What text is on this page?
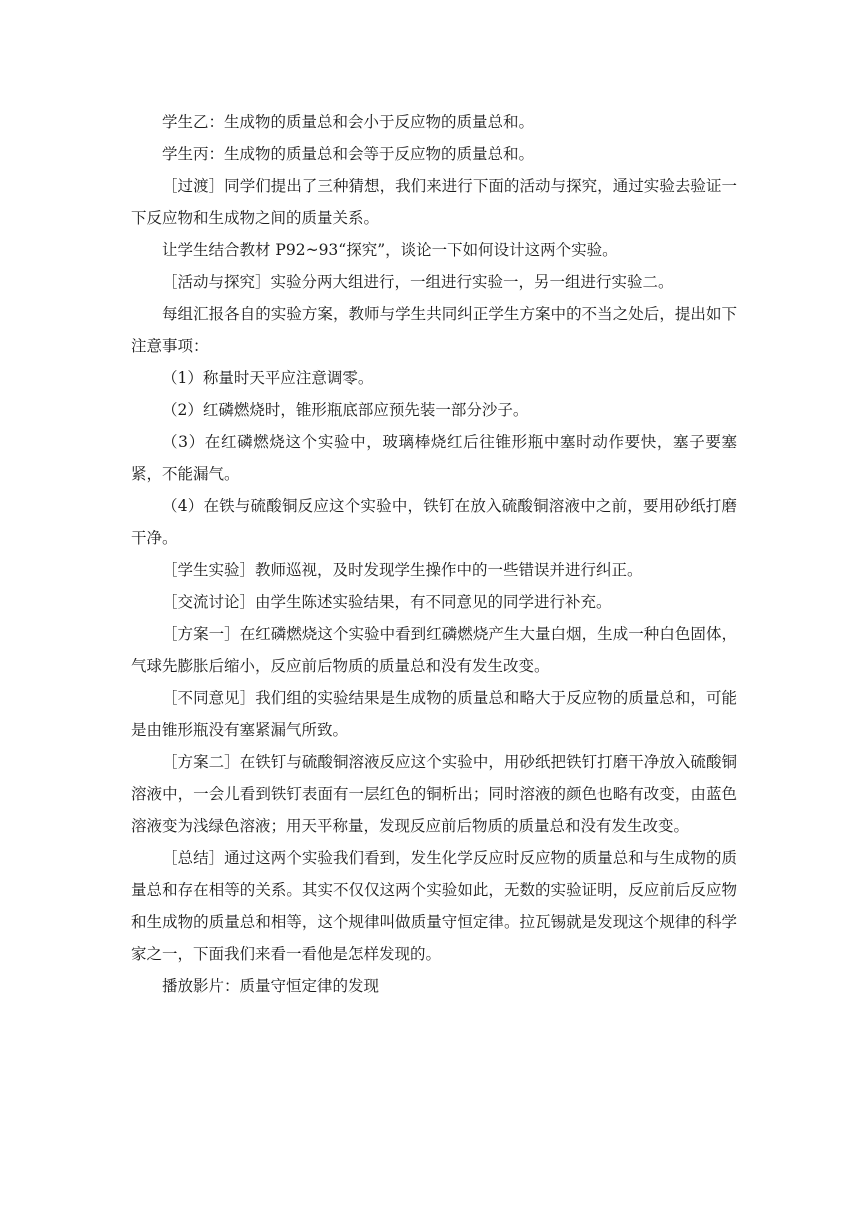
学生乙：生成物的质量总和会小于反应物的质量总和。

学生丙：生成物的质量总和会等于反应物的质量总和。

［过渡］同学们提出了三种猜想，我们来进行下面的活动与探究，通过实验去验证一下反应物和生成物之间的质量关系。

让学生结合教材 P92~93“探究”，谈论一下如何设计这两个实验。

［活动与探究］实验分两大组进行，一组进行实验一，另一组进行实验二。

每组汇报各自的实验方案，教师与学生共同纠正学生方案中的不当之处后，提出如下注意事项：

（1）称量时天平应注意调零。

（2）红磷燃烧时，锥形瓶底部应预先装一部分沙子。

（3）在红磷燃烧这个实验中，玻璃棒烧红后往锥形瓶中塞时动作要快，塞子要塞紧，不能漏气。

（4）在铁与硫酸铜反应这个实验中，铁钉在放入硫酸铜溶液中之前，要用砂纸打磨干净。

［学生实验］教师巡视，及时发现学生操作中的一些错误并进行纠正。

［交流讨论］由学生陈述实验结果，有不同意见的同学进行补充。

［方案一］在红磷燃烧这个实验中看到红磷燃烧产生大量白烟，生成一种白色固体，气球先膨胀后缩小，反应前后物质的质量总和没有发生改变。

［不同意见］我们组的实验结果是生成物的质量总和略大于反应物的质量总和，可能是由锥形瓶没有塞紧漏气所致。

［方案二］在铁钉与硫酸铜溶液反应这个实验中，用砂纸把铁钉打磨干净放入硫酸铜溶液中，一会儿看到铁钉表面有一层红色的铜析出；同时溶液的颜色也略有改变，由蓝色溶液变为浅绿色溶液；用天平称量，发现反应前后物质的质量总和没有发生改变。

［总结］通过这两个实验我们看到，发生化学反应时反应物的质量总和与生成物的质量总和存在相等的关系。其实不仅仅这两个实验如此，无数的实验证明，反应前后反应物和生成物的质量总和相等，这个规律叫做质量守恒定律。拉瓦锡就是发现这个规律的科学家之一，下面我们来看一看他是怎样发现的。

播放影片：质量守恒定律的发现
